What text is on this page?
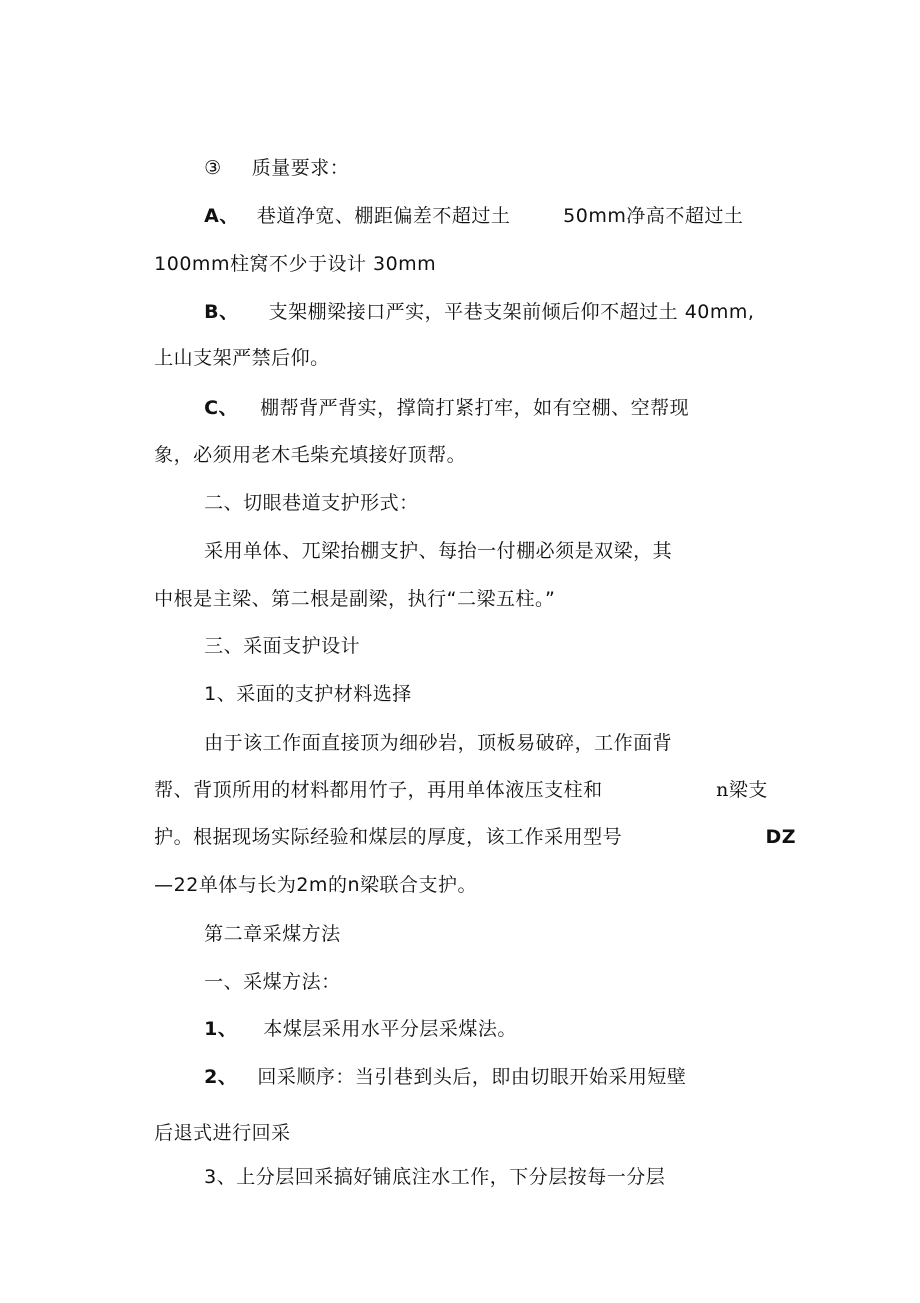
③ 质量要求：

A、 巷道净宽、棚距偏差不超过土
	50mm净高不超过土

100mm柱窝不少于设计 30mm

B、 支架棚梁接口严实，平巷支架前倾后仰不超过土 40mm,

上山支架严禁后仰。

C、 棚帮背严背实，撑筒打紧打牢，如有空棚、空帮现

象，必须用老木毛柴充填接好顶帮。

二、切眼巷道支护形式：

采用单体、兀梁抬棚支护、每抬一付棚必须是双梁，其

中根是主梁、第二根是副梁，执行“二梁五柱。”

三、采面支护设计

1、采面的支护材料选择

由于该工作面直接顶为细砂岩，顶板易破碎，工作面背

帮、背顶所用的材料都用竹子，再用单体液压支柱和
	n梁支

护。根据现场实际经验和煤层的厚度，该工作采用型号
	DZ

—22单体与长为2m的n梁联合支护。

第二章采煤方法

一、采煤方法：

1、 本煤层采用水平分层采煤法。

2、 回采顺序：当引巷到头后，即由切眼开始采用短壁

后退式进行回采

3、上分层回采搞好铺底注水工作，下分层按每一分层
